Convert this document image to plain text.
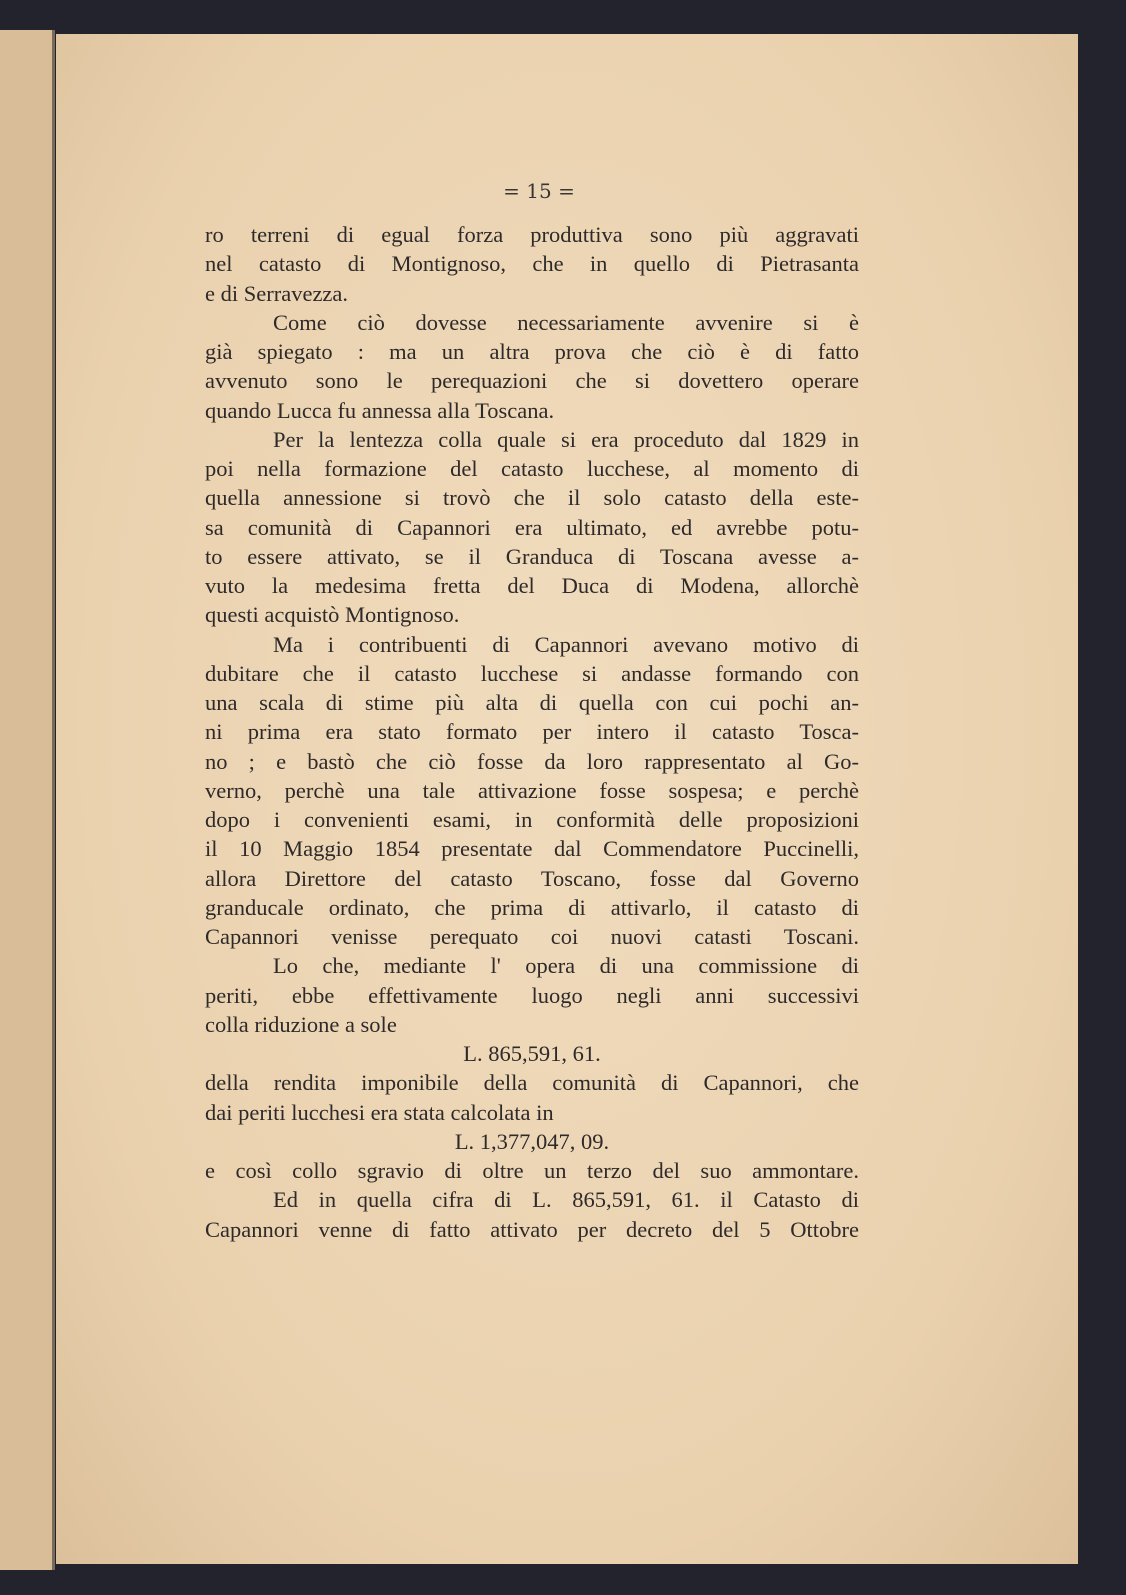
= 15 =
ro terreni di egual forza produttiva sono più aggravati
nel catasto di Montignoso, che in quello di Pietrasanta
e di Serravezza.
Come ciò dovesse necessariamente avvenire si è
già spiegato : ma un altra prova che ciò è di fatto
avvenuto sono le perequazioni che si dovettero operare
quando Lucca fu annessa alla Toscana.
Per la lentezza colla quale si era proceduto dal 1829 in
poi nella formazione del catasto lucchese, al momento di
quella annessione si trovò che il solo catasto della este-
sa comunità di Capannori era ultimato, ed avrebbe potu-
to essere attivato, se il Granduca di Toscana avesse a-
vuto la medesima fretta del Duca di Modena, allorchè
questi acquistò Montignoso.
Ma i contribuenti di Capannori avevano motivo di
dubitare che il catasto lucchese si andasse formando con
una scala di stime più alta di quella con cui pochi an-
ni prima era stato formato per intero il catasto Tosca-
no ; e bastò che ciò fosse da loro rappresentato al Go-
verno, perchè una tale attivazione fosse sospesa; e perchè
dopo i convenienti esami, in conformità delle proposizioni
il 10 Maggio 1854 presentate dal Commendatore Puccinelli,
allora Direttore del catasto Toscano, fosse dal Governo
granducale ordinato, che prima di attivarlo, il catasto di
Capannori venisse perequato coi nuovi catasti Toscani.
Lo che, mediante l' opera di una commissione di
periti, ebbe effettivamente luogo negli anni successivi
colla riduzione a sole
L. 865,591, 61.
della rendita imponibile della comunità di Capannori, che
dai periti lucchesi era stata calcolata in
L. 1,377,047, 09.
e così collo sgravio di oltre un terzo del suo ammontare.
Ed in quella cifra di L. 865,591, 61. il Catasto di
Capannori venne di fatto attivato per decreto del 5 Ottobre
